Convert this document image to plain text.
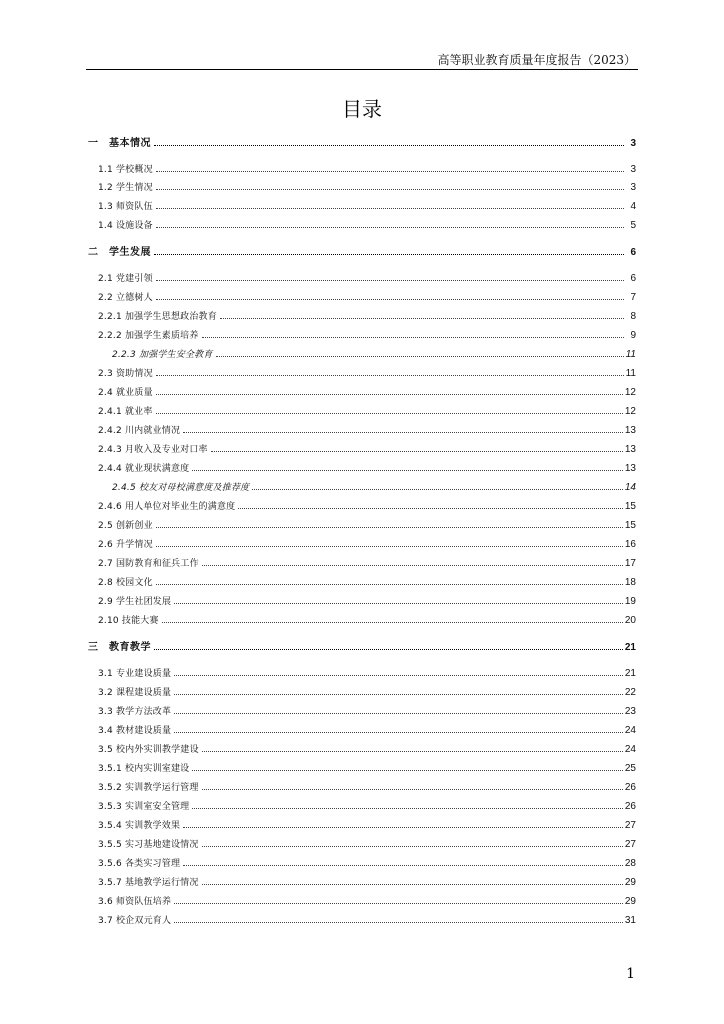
高等职业教育质量年度报告（2023）
目录
一　基本情况	3
1.1 学校概况	3
1.2 学生情况	3
1.3 师资队伍	4
1.4 设施设备	5
二　学生发展	6
2.1 党建引领	6
2.2 立德树人	7
2.2.1 加强学生思想政治教育	8
2.2.2 加强学生素质培养	9
2.2.3 加强学生安全教育	11
2.3 资助情况	11
2.4 就业质量	12
2.4.1 就业率	12
2.4.2 川内就业情况	13
2.4.3 月收入及专业对口率	13
2.4.4 就业现状满意度	13
2.4.5 校友对母校满意度及推荐度	14
2.4.6 用人单位对毕业生的满意度	15
2.5 创新创业	15
2.6 升学情况	16
2.7 国防教育和征兵工作	17
2.8 校园文化	18
2.9 学生社团发展	19
2.10 技能大赛	20
三　教育教学	21
3.1 专业建设质量	21
3.2 课程建设质量	22
3.3 教学方法改革	23
3.4 教材建设质量	24
3.5 校内外实训教学建设	24
3.5.1 校内实训室建设	25
3.5.2 实训教学运行管理	26
3.5.3 实训室安全管理	26
3.5.4 实训教学效果	27
3.5.5 实习基地建设情况	27
3.5.6 各类实习管理	28
3.5.7 基地教学运行情况	29
3.6 师资队伍培养	29
3.7 校企双元育人	31
1
